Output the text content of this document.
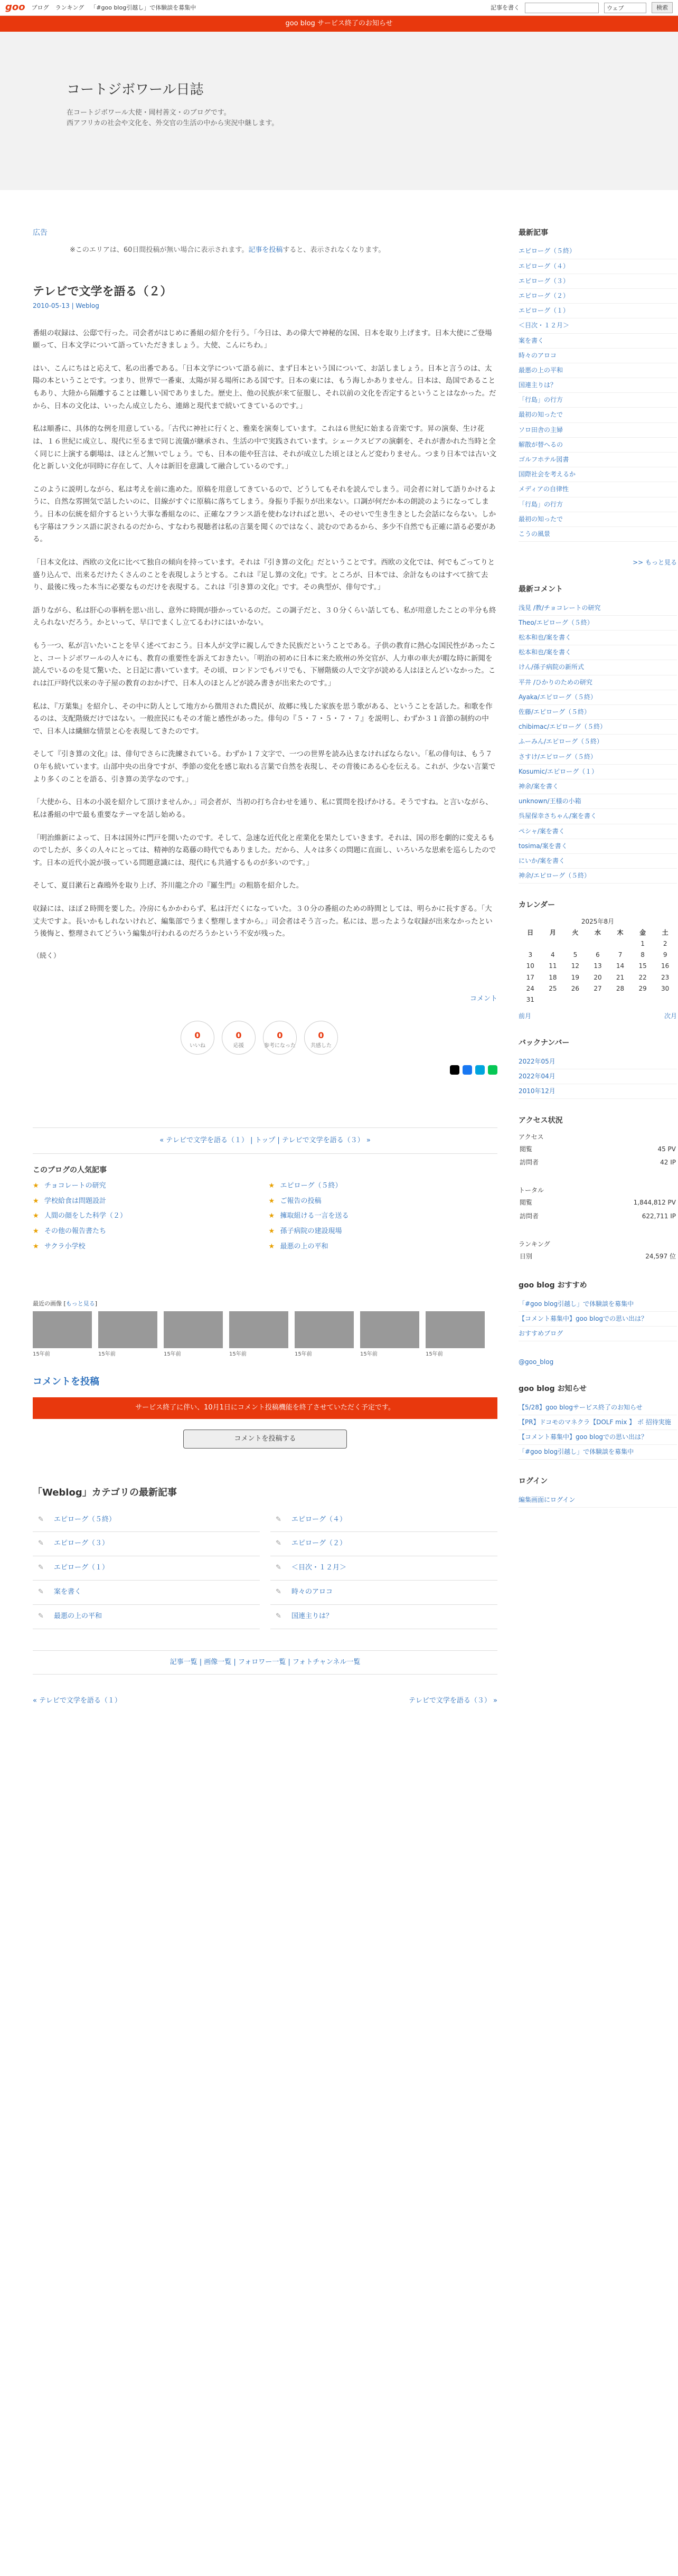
goo ブログ ランキング 「#goo blog引越し」で体験談を募集中	記事を書く	ウェブ	検索
goo blog サービス終了のお知らせ
コートジボワール日誌

在コートジボワール大使・岡村善文・のブログです。

西アフリカの社会や文化を、外交官の生活の中から実況中継します。

広告
※このエリアは、60日間投稿が無い場合に表示されます。記事を投稿すると、表示されなくなります。
テレビで文学を語る（２）
2010-05-13 | Weblog

番組の収録は、公邸で行った。司会者がはじめに番組の紹介を行う。「今日は、あの偉大で神秘的な国、日本を取り上げます。日本大使にご登場願って、日本文学について語っていただきましょう。大使、こんにちわ。」

はい、こんにちはと応えて、私の出番である。「日本文学について語る前に、まず日本という国について、お話しましょう。日本と言うのは、太陽の本ということです。つまり、世界で一番東、太陽が昇る場所にある国です。日本の東には、もう海しかありません。日本は、島国であることもあり、大陸から隔離することは難しい国でありました。歴史上、他の民族が来て征服し、それ以前の文化を否定するということはなかった。だから、日本の文化は、いったん成立したら、連綿と現代まで続いてきているのです。」

私は順番に、具体的な例を用意している。「古代に神社に行くと、雅楽を演奏しています。これは６世紀に始まる音楽です。昇の演奏、生け花は、１６世紀に成立し、現代に至るまで同じ流儀が継承され、生活の中で実践されています。シェークスピアの演劇を、それが書かれた当時と全く同じに上演する劇場は、ほとんど無いでしょう。でも、日本の能や狂言は、それが成立した頃とほとんど変わりません。つまり日本では古い文化と新しい文化が同時に存在して、人々は新旧を意識して融合しているのです。」

このように説明しながら、私は考えを前に進めた。原稿を用意してきているので、どうしてもそれを読んでしまう。司会者に対して語りかけるように、自然な雰囲気で話したいのに、目線がすぐに原稿に落ちてしまう。身振り手振りが出来ない。口調が何だか本の朗読のようになってしまう。日本の伝統を紹介するという大事な番組なのに、正確なフランス語を使わなければと思い、そのせいで生き生きとした会話にならない。しかも字幕はフランス語に訳されるのだから、すなわち視聴者は私の言葉を聞くのではなく、読むのであるから、多少不自然でも正確に語る必要がある。

「日本文化は、西欧の文化に比べて独自の傾向を持っています。それは『引き算の文化』だということです。西欧の文化では、何でもごってりと盛り込んで、出来るだけたくさんのことを表現しようとする。これは『足し算の文化』です。ところが、日本では、余計なものはすべて捨て去り、最後に残った本当に必要なものだけを表現する。これは『引き算の文化』です。その典型が、俳句です。」

語りながら、私は肝心の事柄を思い出し、意外に時間が掛かっているのだ。この調子だと、３０分くらい話しても、私が用意したことの半分も終えられないだろう。かといって、早口でまくし立てるわけにはいかない。

もう一つ、私が言いたいことを早く述べておこう。日本人が文学に親しんできた民族だということである。子供の教育に熱心な国民性があったこと、コートジボワールの人々にも、教育の重要性を訴えておきたい。「明治の初めに日本に来た欧州の外交官が、人力車の車夫が暇な時に新聞を読んでいるのを見て驚いた、と日記に書いています。その頃、ロンドンでもパリでも、下層階級の人で文字が読める人はほとんどいなかった。これは江戸時代以来の寺子屋の教育のおかげで、日本人のほとんどが読み書きが出来たのです。」

私は、『万葉集』を紹介し、その中に防人として地方から徴用された農民が、故郷に残した家族を思う歌がある、ということを話した。和歌を作るのは、支配階級だけではない。一般庶民にもその才能と感性があった。俳句の『５・７・５・７・７』を説明し、わずか３１音節の制約の中で、日本人は繊細な情景と心を表現してきたのです。

そして『引き算の文化』は、俳句でさらに洗練されている。わずか１７文字で、一つの世界を読み込まなければならない。「私の俳句は、もう７０年も続いています。山部中央の出身ですが、季節の変化を感じ取れる言葉で自然を表現し、その背後にある心を伝える。これが、少ない言葉でより多くのことを語る、引き算の美学なのです。」

「大使から、日本の小説を紹介して頂けませんか。」司会者が、当初の打ち合わせを通り、私に質問を投げかける。そうですね。と言いながら、私は番組の中で最も重要なテーマを話し始める。

「明治維新によって、日本は国外に門戸を開いたのです。そして、急速な近代化と産業化を果たしていきます。それは、国の形を劇的に変えるものでしたが、多くの人々にとっては、精神的な葛藤の時代でもありました。だから、人々は多くの問題に直面し、いろいろな思索を巡らしたのです。日本の近代小説が扱っている問題意識には、現代にも共通するものが多いのです。」

そして、夏目漱石と森鴎外を取り上げ、芥川龍之介の『羅生門』の粗筋を紹介した。

収録には、ほぼ２時間を要した。冷房にもかかわらず、私は汗だくになっていた。３０分の番組のための時間としては、明らかに長すぎる。「大丈夫ですよ。長いかもしれないけれど、編集部でうまく整理しますから。」司会者はそう言った。私には、思ったような収録が出来なかったという後悔と、整理されてどういう編集が行われるのだろうかという不安が残った。

（続く）
コメント
0
いいね
0
応援
0
参考になった
0
共感した
« テレビで文学を語る（１） | トップ | テレビで文学を語る（３） »
このブログの人気記事
★ チョコレートの研究
★ 学校給食は問題設計
★ 人間の顔をした科学（２）
★ その他の報告書たち
★ サクラ小学校
★ エピローグ（５終）
★ ご報告の投稿
★ 擁取組ける一言を送る
★ 孫子病院の建設現場
★ 最悪の上の平和
最近の画像 [もっと見る]
15年前	15年前	15年前	15年前	15年前	15年前	15年前
コメントを投稿
サービス終了に伴い、10月1日にコメント投稿機能を終了させていただく予定です。
コメントを投稿する
「Weblog」カテゴリの最新記事
✎ エピローグ（５終）	✎ エピローグ（４）
✎ エピローグ（３）	✎ エピローグ（２）
✎ エピローグ（１）	✎ ＜目次・１２月＞
✎ 案を書く	✎ 時々のアロコ
✎ 最悪の上の平和	✎ 国連主りは？
記事一覧 | 画像一覧 | フォロワー一覧 | フォトチャンネル一覧
« テレビで文学を語る（１）	テレビで文学を語る（３） »
最新記事
エピローグ（５終）
エピローグ（４）
エピローグ（３）
エピローグ（２）
エピローグ（１）
＜目次・１２月＞
案を書く
時々のアロコ
最悪の上の平和
国連主りは？
「行島」の行方
最初の知ったで
ソロ田舎の主婦
解散が替へるの
ゴルフホテル図書
国際社会を考えるか
メディアの自律性
「行島」の行方
最初の知ったで
こうの風景
>> もっと見る
最新コメント
浅見 /教/チョコレートの研究
Theo/エピローグ（５終）
松本和也/案を書く
松本和也/案を書く
けん/孫子病院の新所式
平井 /ひかりのための研究
Ayaka/エピローグ（５終）
佐藤/エピローグ（５終）
chibimac/エピローグ（５終）
ふーみん/エピローグ（５終）
さすけ/エピローグ（５終）
Kosumic/エピローグ（１）
神余/案を書く
unknown/王様の小箱
呉屋保幸さちゃん/案を書く
ペシャ/案を書く
tosima/案を書く
にいか/案を書く
神余/エピローグ（５終）
カレンダー
2025年8月
日	月	火	水	木	金	土
					1	2
3	4	5	6	7	8	9
10	11	12	13	14	15	16
17	18	19	20	21	22	23
24	25	26	27	28	29	30
31						
前月	次月
バックナンバー
2022年05月
2022年04月
2010年12月
アクセス状況
アクセス
閲覧	45 PV
訪問者	42 IP
トータル
閲覧	1,844,812 PV
訪問者	622,711 IP
ランキング
日別	24,597 位
goo blog おすすめ
「#goo blog引越し」で体験談を募集中
【コメント募集中】goo blogでの思い出は？
おすすめブログ
@goo_blog
goo blog お知らせ
【5/28】goo blogサービス終了のお知らせ
【PR】ドコモのマネクラ【DOLF mix 】 ボ 招待実施
【コメント募集中】goo blogでの思い出は？
「#goo blog引越し」で体験談を募集中
ログイン
編集画面にログイン
